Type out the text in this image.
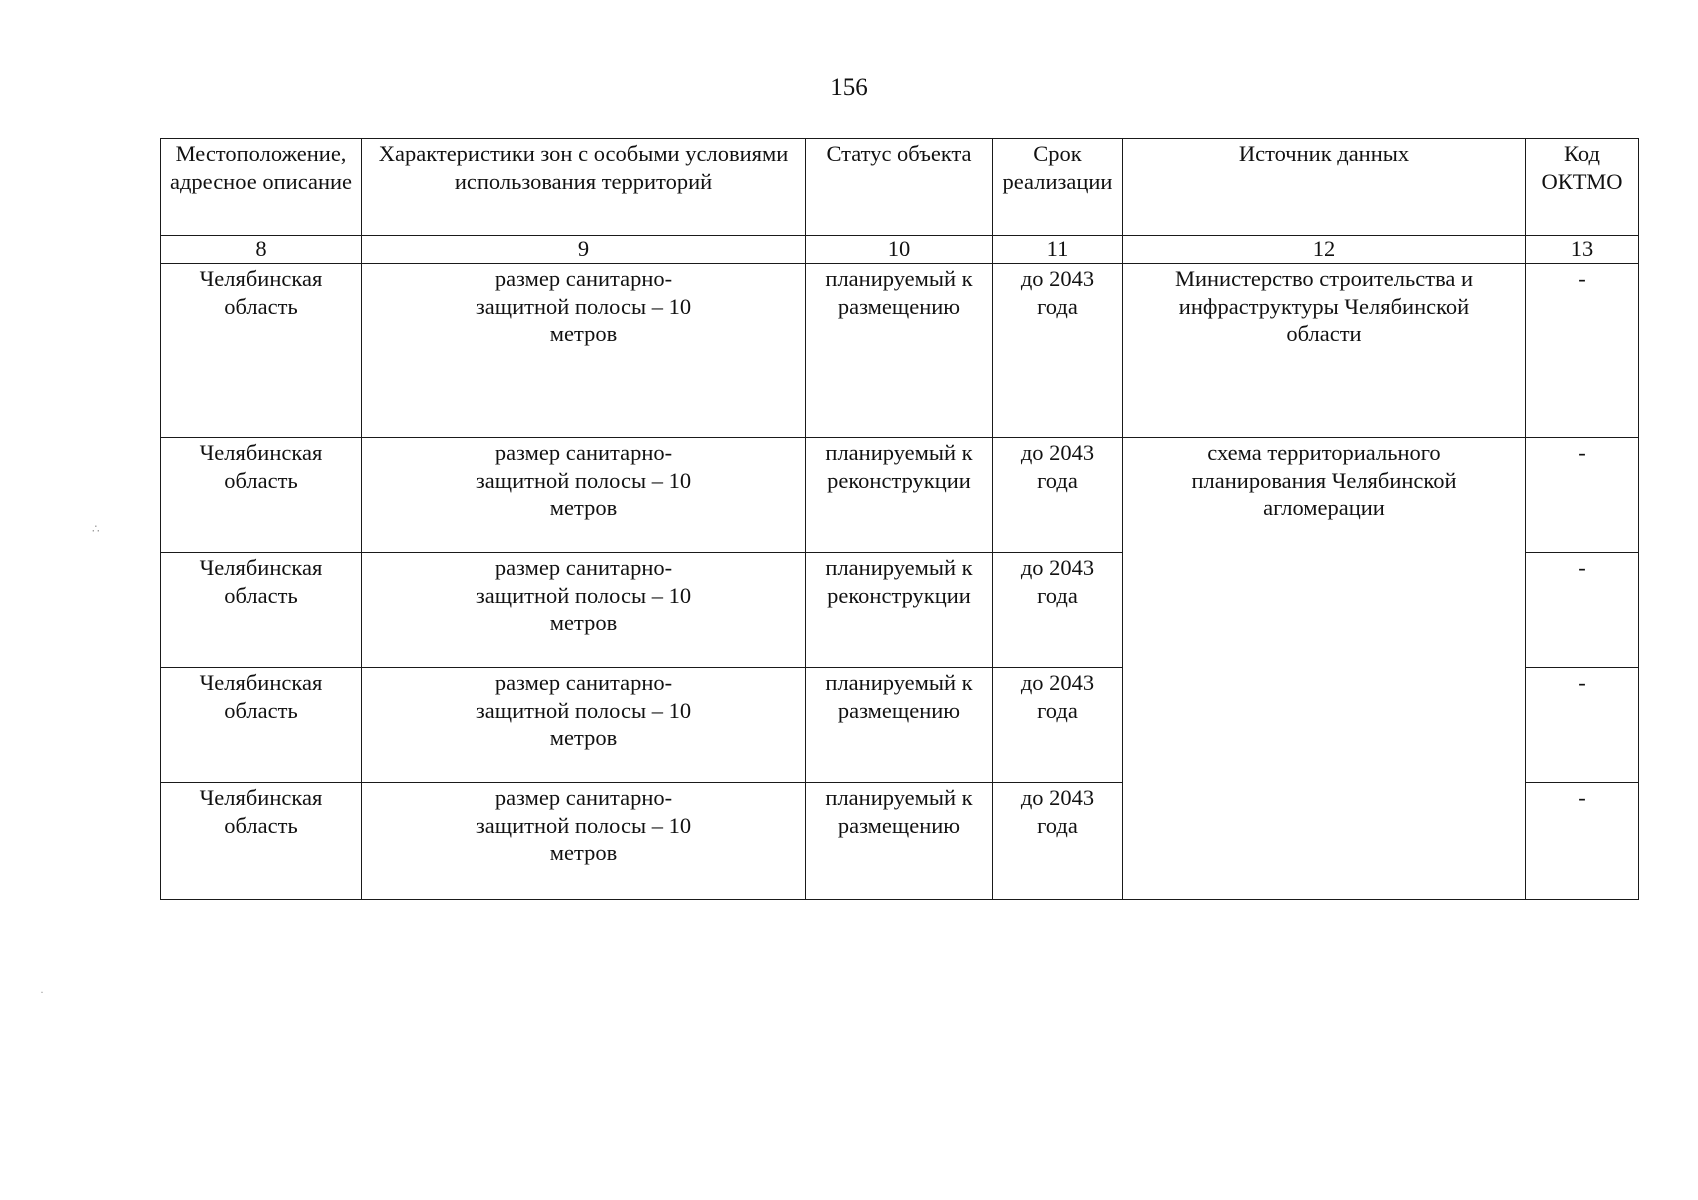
156
Местоположение, адресное описание	Характеристики зон с особыми условиями использования территорий	Статус объекта	Срок реализации	Источник данных	Код ОКТМО
8	9	10	11	12	13
Челябинская область	размер санитарно-защитной полосы – 10 метров	планируемый к размещению	до 2043 года	Министерство строительства и инфраструктуры Челябинской области	-
Челябинская область	размер санитарно-защитной полосы – 10 метров	планируемый к реконструкции	до 2043 года	схема территориального планирования Челябинской агломерации	-
Челябинская область	размер санитарно-защитной полосы – 10 метров	планируемый к реконструкции	до 2043 года		-
Челябинская область	размер санитарно-защитной полосы – 10 метров	планируемый к размещению	до 2043 года		-
Челябинская область	размер санитарно-защитной полосы – 10 метров	планируемый к размещению	до 2043 года		-
∴
·
